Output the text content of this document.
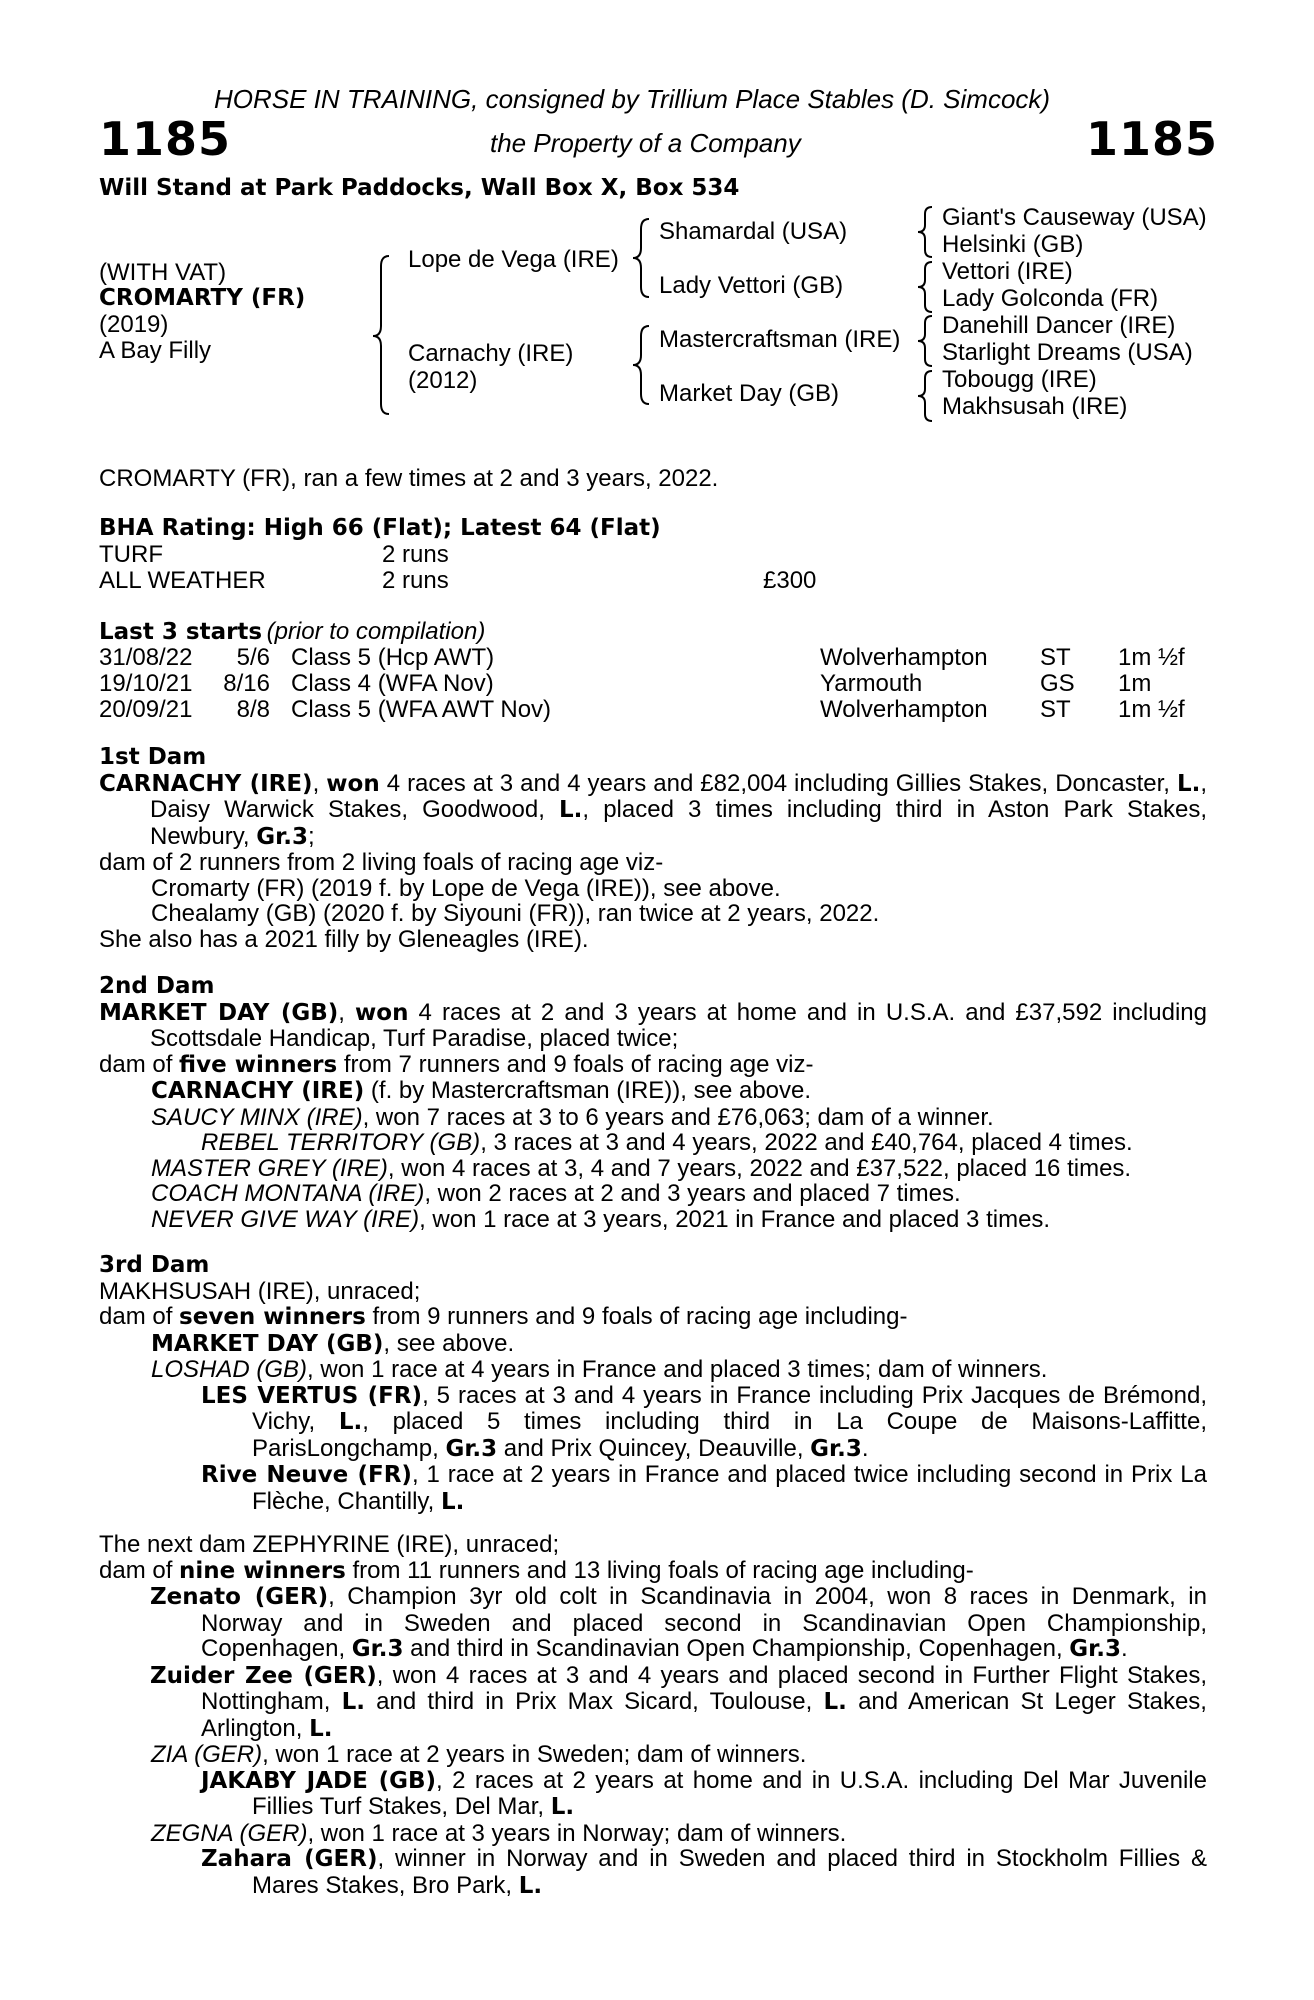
HORSE IN TRAINING, consigned by Trillium Place Stables (D. Simcock)
1185	the Property of a Company	1185
Will Stand at Park Paddocks, Wall Box X, Box 534
(WITH VAT)
CROMARTY (FR)
(2019)
A Bay Filly
Lope de Vega (IRE)
Carnachy (IRE)
(2012)
Shamardal (USA)
Lady Vettori (GB)
Mastercraftsman (IRE)
Market Day (GB)
Giant's Causeway (USA)
Helsinki (GB)
Vettori (IRE)
Lady Golconda (FR)
Danehill Dancer (IRE)
Starlight Dreams (USA)
Tobougg (IRE)
Makhsusah (IRE)
CROMARTY (FR), ran a few times at 2 and 3 years, 2022.
BHA Rating: High 66 (Flat); Latest 64 (Flat)
TURF	2 runs
ALL WEATHER	2 runs	£300
Last 3 starts (prior to compilation)
31/08/22	5/6 Class 5 (Hcp AWT)	Wolverhampton ST 1m ½f
19/10/21 8/16 Class 4 (WFA Nov)	Yarmouth	GS 1m
20/09/21	8/8 Class 5 (WFA AWT Nov)	Wolverhampton ST 1m ½f

1st Dam

CARNACHY (IRE), won 4 races at 3 and 4 years and £82,004 including Gillies Stakes, Doncaster, L., Daisy Warwick Stakes, Goodwood, L., placed 3 times including third in Aston Park Stakes, Newbury, Gr.3;

dam of 2 runners from 2 living foals of racing age viz-

Cromarty (FR) (2019 f. by Lope de Vega (IRE)), see above.

Chealamy (GB) (2020 f. by Siyouni (FR)), ran twice at 2 years, 2022.

She also has a 2021 filly by Gleneagles (IRE).

2nd Dam

MARKET DAY (GB), won 4 races at 2 and 3 years at home and in U.S.A. and £37,592 including Scottsdale Handicap, Turf Paradise, placed twice;

dam of five winners from 7 runners and 9 foals of racing age viz-

CARNACHY (IRE) (f. by Mastercraftsman (IRE)), see above.

SAUCY MINX (IRE), won 7 races at 3 to 6 years and £76,063; dam of a winner.

REBEL TERRITORY (GB), 3 races at 3 and 4 years, 2022 and £40,764, placed 4 times.

MASTER GREY (IRE), won 4 races at 3, 4 and 7 years, 2022 and £37,522, placed 16 times.

COACH MONTANA (IRE), won 2 races at 2 and 3 years and placed 7 times.

NEVER GIVE WAY (IRE), won 1 race at 3 years, 2021 in France and placed 3 times.

3rd Dam

MAKHSUSAH (IRE), unraced;

dam of seven winners from 9 runners and 9 foals of racing age including-

MARKET DAY (GB), see above.

LOSHAD (GB), won 1 race at 4 years in France and placed 3 times; dam of winners.

LES VERTUS (FR), 5 races at 3 and 4 years in France including Prix Jacques de Brémond, Vichy, L., placed 5 times including third in La Coupe de Maisons-Laffitte, ParisLongchamp, Gr.3 and Prix Quincey, Deauville, Gr.3.

Rive Neuve (FR), 1 race at 2 years in France and placed twice including second in Prix La Flèche, Chantilly, L.

The next dam ZEPHYRINE (IRE), unraced;

dam of nine winners from 11 runners and 13 living foals of racing age including-

Zenato (GER), Champion 3yr old colt in Scandinavia in 2004, won 8 races in Denmark, in Norway and in Sweden and placed second in Scandinavian Open Championship, Copenhagen, Gr.3 and third in Scandinavian Open Championship, Copenhagen, Gr.3.

Zuider Zee (GER), won 4 races at 3 and 4 years and placed second in Further Flight Stakes, Nottingham, L. and third in Prix Max Sicard, Toulouse, L. and American St Leger Stakes, Arlington, L.

ZIA (GER), won 1 race at 2 years in Sweden; dam of winners.

JAKABY JADE (GB), 2 races at 2 years at home and in U.S.A. including Del Mar Juvenile Fillies Turf Stakes, Del Mar, L.

ZEGNA (GER), won 1 race at 3 years in Norway; dam of winners.

Zahara (GER), winner in Norway and in Sweden and placed third in Stockholm Fillies & Mares Stakes, Bro Park, L.
